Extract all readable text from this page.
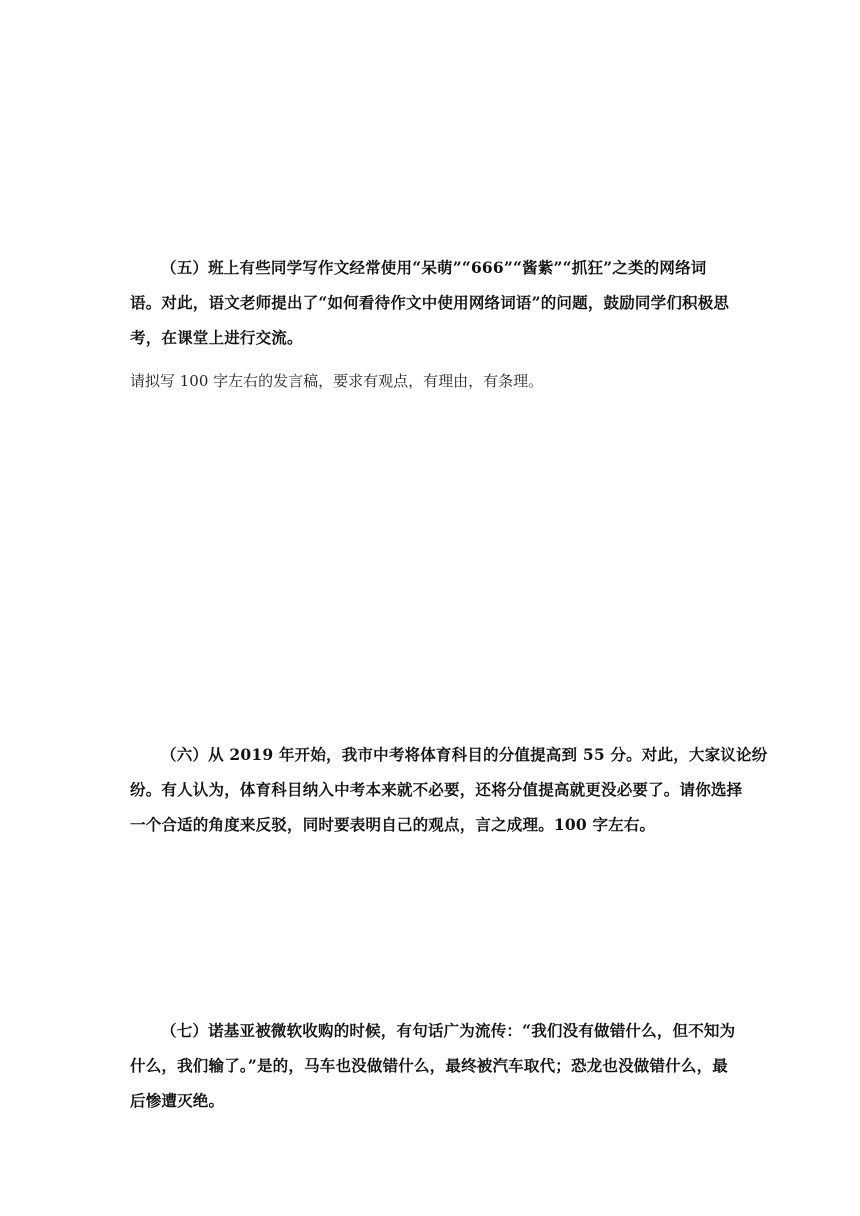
（五）班上有些同学写作文经常使用“呆萌”“666”“酱紫”“抓狂”之类的网络词
语。对此，语文老师提出了“如何看待作文中使用网络词语”的问题，鼓励同学们积极思
考，在课堂上进行交流。

请拟写 100 字左右的发言稿，要求有观点，有理由，有条理。

（六）从 2019 年开始，我市中考将体育科目的分值提高到 55 分。对此，大家议论纷
纷。有人认为，体育科目纳入中考本来就不必要，还将分值提高就更没必要了。请你选择
一个合适的角度来反驳，同时要表明自己的观点，言之成理。100 字左右。
（七）诺基亚被微软收购的时候，有句话广为流传：“我们没有做错什么，但不知为
什么，我们输了。”是的，马车也没做错什么，最终被汽车取代；恐龙也没做错什么，最
后惨遭灭绝。
